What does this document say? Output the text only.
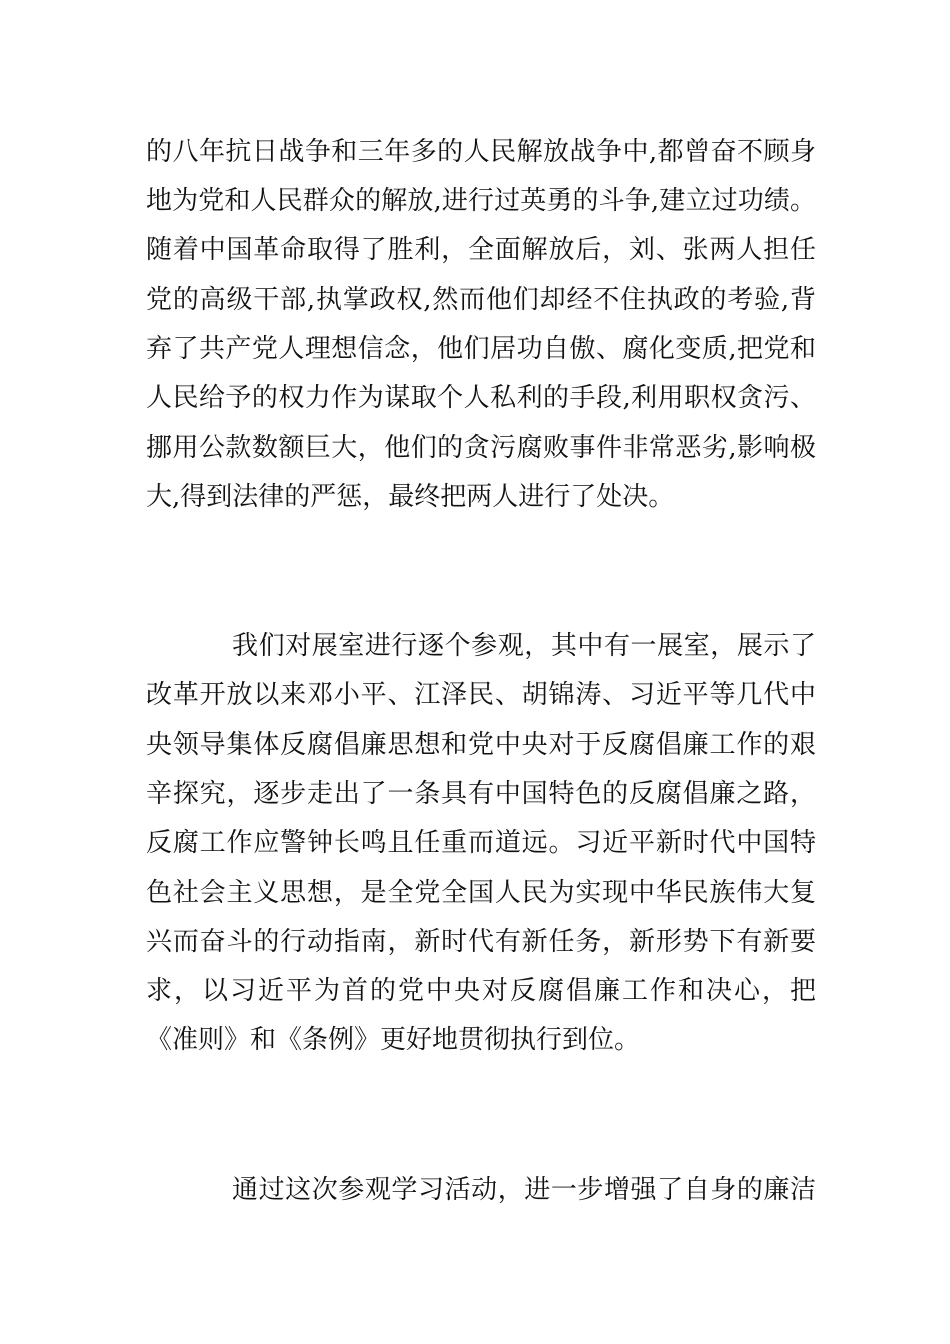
的八年抗日战争和三年多的人民解放战争中,都曾奋不顾身
地为党和人民群众的解放,进行过英勇的斗争,建立过功绩。
随着中国革命取得了胜利，全面解放后，刘、张两人担任
党的高级干部,执掌政权,然而他们却经不住执政的考验,背
弃了共产党人理想信念，他们居功自傲、腐化变质,把党和
人民给予的权力作为谋取个人私利的手段,利用职权贪污、
挪用公款数额巨大，他们的贪污腐败事件非常恶劣,影响极
大,得到法律的严惩，最终把两人进行了处决。
我们对展室进行逐个参观，其中有一展室，展示了
改革开放以来邓小平、江泽民、胡锦涛、习近平等几代中
央领导集体反腐倡廉思想和党中央对于反腐倡廉工作的艰
辛探究，逐步走出了一条具有中国特色的反腐倡廉之路，
反腐工作应警钟长鸣且任重而道远。习近平新时代中国特
色社会主义思想，是全党全国人民为实现中华民族伟大复
兴而奋斗的行动指南，新时代有新任务，新形势下有新要
求，以习近平为首的党中央对反腐倡廉工作和决心，把
《准则》和《条例》更好地贯彻执行到位。
通过这次参观学习活动，进一步增强了自身的廉洁
